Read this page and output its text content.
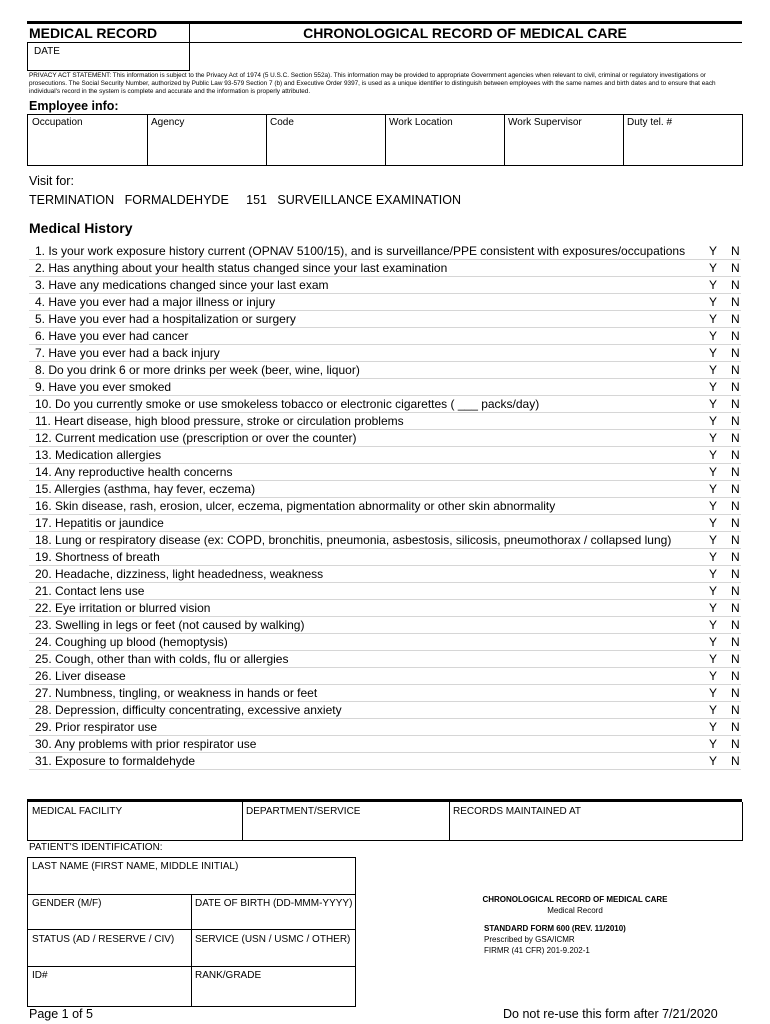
MEDICAL RECORD	CHRONOLOGICAL RECORD OF MEDICAL CARE
DATE
PRIVACY ACT STATEMENT: This information is subject to the Privacy Act of 1974 (5 U.S.C. Section 552a). This information may be provided to appropriate Government agencies when relevant to civil, criminal or regulatory investigations or prosecutions. The Social Security Number, authorized by Public Law 93-579 Section 7 (b) and Executive Order 9397, is used as a unique identifier to distinguish between employees with the same names and birth dates and to ensure that each individual's record in the system is complete and accurate and the information is properly attributed.
Employee info:
Occupation	Agency	Code	Work Location	Work Supervisor	Duty tel. #
Visit for:
TERMINATION   FORMALDEHYDE     151   SURVEILLANCE EXAMINATION
Medical History
1. Is your work exposure history current (OPNAV 5100/15), and is surveillance/PPE consistent with exposures/occupations Y N
2. Has anything about your health status changed since your last examination	Y N
3. Have any medications changed since your last exam	Y N
4. Have you ever had a major illness or injury	Y N
5. Have you ever had a hospitalization or surgery	Y N
6. Have you ever had cancer	Y N
7. Have you ever had a back injury	Y N
8. Do you drink 6 or more drinks per week (beer, wine, liquor)	Y N
9. Have you ever smoked	Y N
10. Do you currently smoke or use smokeless tobacco or electronic cigarettes ( ___ packs/day)	Y N
11. Heart disease, high blood pressure, stroke or circulation problems	Y N
12. Current medication use (prescription or over the counter)	Y N
13. Medication allergies	Y N
14. Any reproductive health concerns	Y N
15. Allergies (asthma, hay fever, eczema)	Y N
16. Skin disease, rash, erosion, ulcer, eczema, pigmentation abnormality or other skin abnormality	Y N
17. Hepatitis or jaundice	Y N
18. Lung or respiratory disease (ex: COPD, bronchitis, pneumonia, asbestosis, silicosis, pneumothorax / collapsed lung)	Y N
19. Shortness of breath	Y N
20. Headache, dizziness, light headedness, weakness	Y N
21. Contact lens use	Y N
22. Eye irritation or blurred vision	Y N
23. Swelling in legs or feet (not caused by walking)	Y N
24. Coughing up blood (hemoptysis)	Y N
25. Cough, other than with colds, flu or allergies	Y N
26. Liver disease	Y N
27. Numbness, tingling, or weakness in hands or feet	Y N
28. Depression, difficulty concentrating, excessive anxiety	Y N
29. Prior respirator use	Y N
30. Any problems with prior respirator use	Y N
31. Exposure to formaldehyde	Y N
MEDICAL FACILITY	DEPARTMENT/SERVICE	RECORDS MAINTAINED AT
PATIENT'S IDENTIFICATION:
LAST NAME (FIRST NAME, MIDDLE INITIAL)
GENDER (M/F)	DATE OF BIRTH (DD-MMM-YYYY)
STATUS (AD / RESERVE / CIV) SERVICE (USN / USMC / OTHER)
ID#	RANK/GRADE
CHRONOLOGICAL RECORD OF MEDICAL CARE
Medical Record
STANDARD FORM 600 (REV. 11/2010)
Prescribed by GSA/ICMR
FIRMR (41 CFR) 201-9.202-1
Page 1 of 5	Do not re-use this form after 7/21/2020
